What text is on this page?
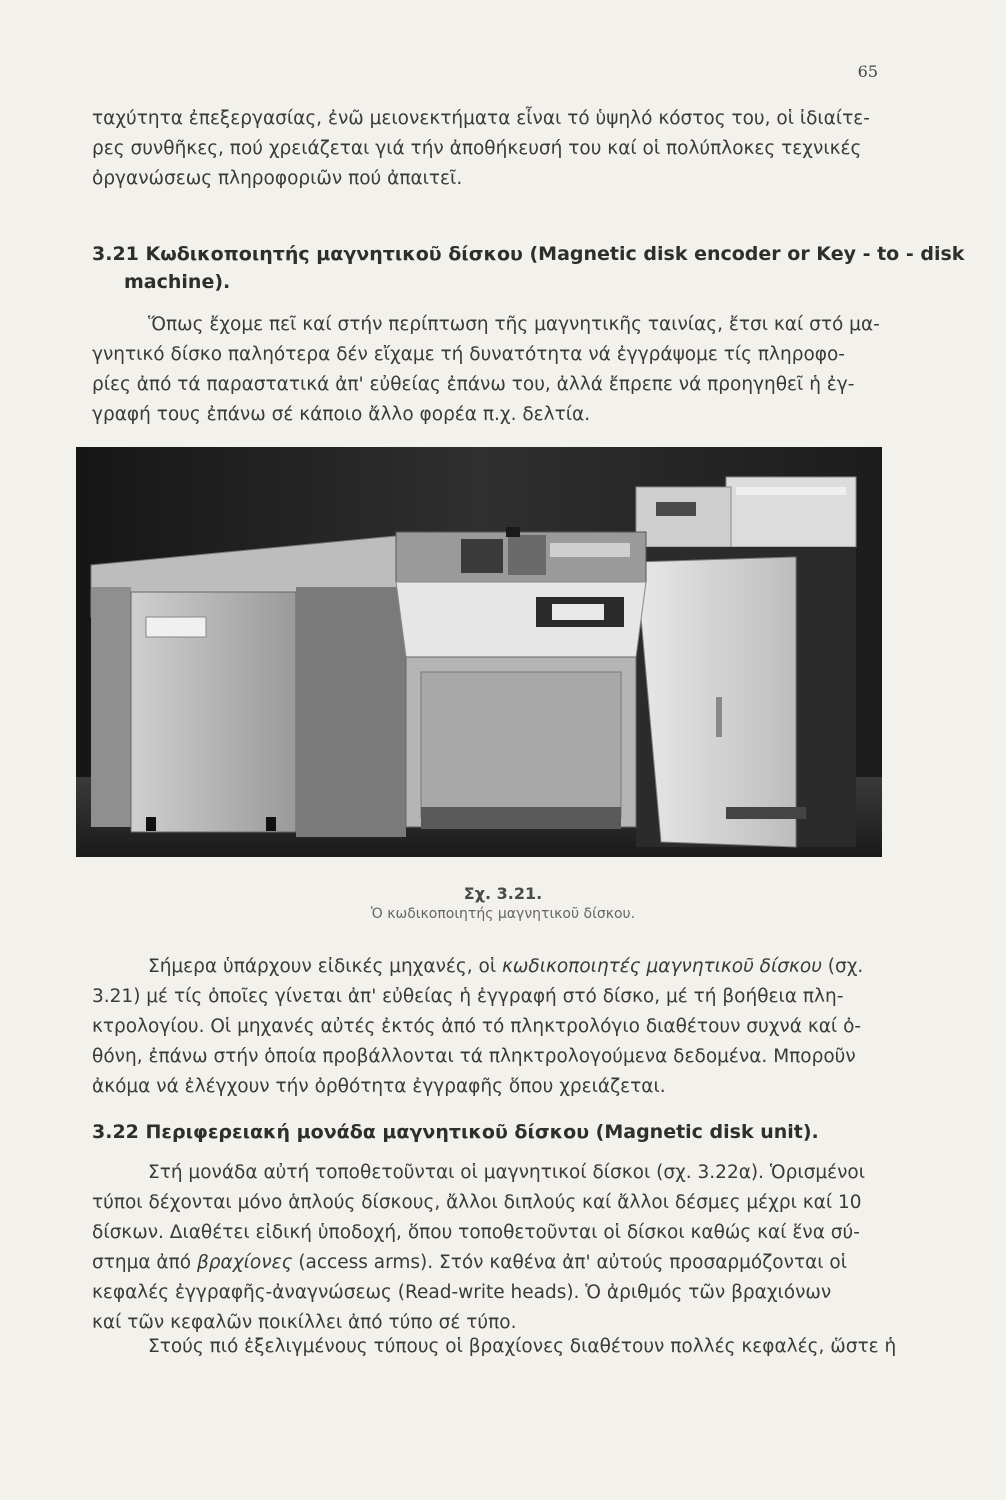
65
ταχύτητα ἐπεξεργασίας, ἐνῶ μειονεκτήματα εἶναι τό ὑψηλό κόστος του, οἱ ἰδιαίτε-
ρες συνθῆκες, πού χρειάζεται γιά τήν ἀποθήκευσή του καί οἱ πολύπλοκες τεχνικές
ὀργανώσεως πληροφοριῶν πού ἀπαιτεῖ.
3.21 Κωδικοποιητής μαγνητικοῦ δίσκου (Magnetic disk encoder or Key - to - disk
machine).
Ὅπως ἔχομε πεῖ καί στήν περίπτωση τῆς μαγνητικῆς ταινίας, ἔτσι καί στό μα-
γνητικό δίσκο παληότερα δέν εἴχαμε τή δυνατότητα νά ἐγγράψομε τίς πληροφο-
ρίες ἀπό τά παραστατικά ἀπ' εὐθείας ἐπάνω του, ἀλλά ἔπρεπε νά προηγηθεῖ ἡ ἐγ-
γραφή τους ἐπάνω σέ κάποιο ἄλλο φορέα π.χ. δελτία.
Σχ. 3.21.
Ὁ κωδικοποιητής μαγνητικοῦ δίσκου.
Σήμερα ὑπάρχουν εἰδικές μηχανές, οἱ κωδικοποιητές μαγνητικοῦ δίσκου (σχ.
3.21) μέ τίς ὁποῖες γίνεται ἀπ' εὐθείας ἡ ἐγγραφή στό δίσκο, μέ τή βοήθεια πλη-
κτρολογίου. Οἱ μηχανές αὐτές ἐκτός ἀπό τό πληκτρολόγιο διαθέτουν συχνά καί ὀ-
θόνη, ἐπάνω στήν ὁποία προβάλλονται τά πληκτρολογούμενα δεδομένα. Μποροῦν
ἀκόμα νά ἐλέγχουν τήν ὀρθότητα ἐγγραφῆς ὅπου χρειάζεται.
3.22 Περιφερειακή μονάδα μαγνητικοῦ δίσκου (Magnetic disk unit).
Στή μονάδα αὐτή τοποθετοῦνται οἱ μαγνητικοί δίσκοι (σχ. 3.22α). Ὁρισμένοι
τύποι δέχονται μόνο ἁπλούς δίσκους, ἄλλοι διπλούς καί ἄλλοι δέσμες μέχρι καί 10
δίσκων. Διαθέτει εἰδική ὑποδοχή, ὅπου τοποθετοῦνται οἱ δίσκοι καθώς καί ἕνα σύ-
στημα ἀπό βραχίονες (access arms). Στόν καθένα ἀπ' αὐτούς προσαρμόζονται οἱ
κεφαλές ἐγγραφῆς-ἀναγνώσεως (Read-write heads). Ὁ ἀριθμός τῶν βραχιόνων
καί τῶν κεφαλῶν ποικίλλει ἀπό τύπο σέ τύπο.
Στούς πιό ἐξελιγμένους τύπους οἱ βραχίονες διαθέτουν πολλές κεφαλές, ὥστε ἡ
